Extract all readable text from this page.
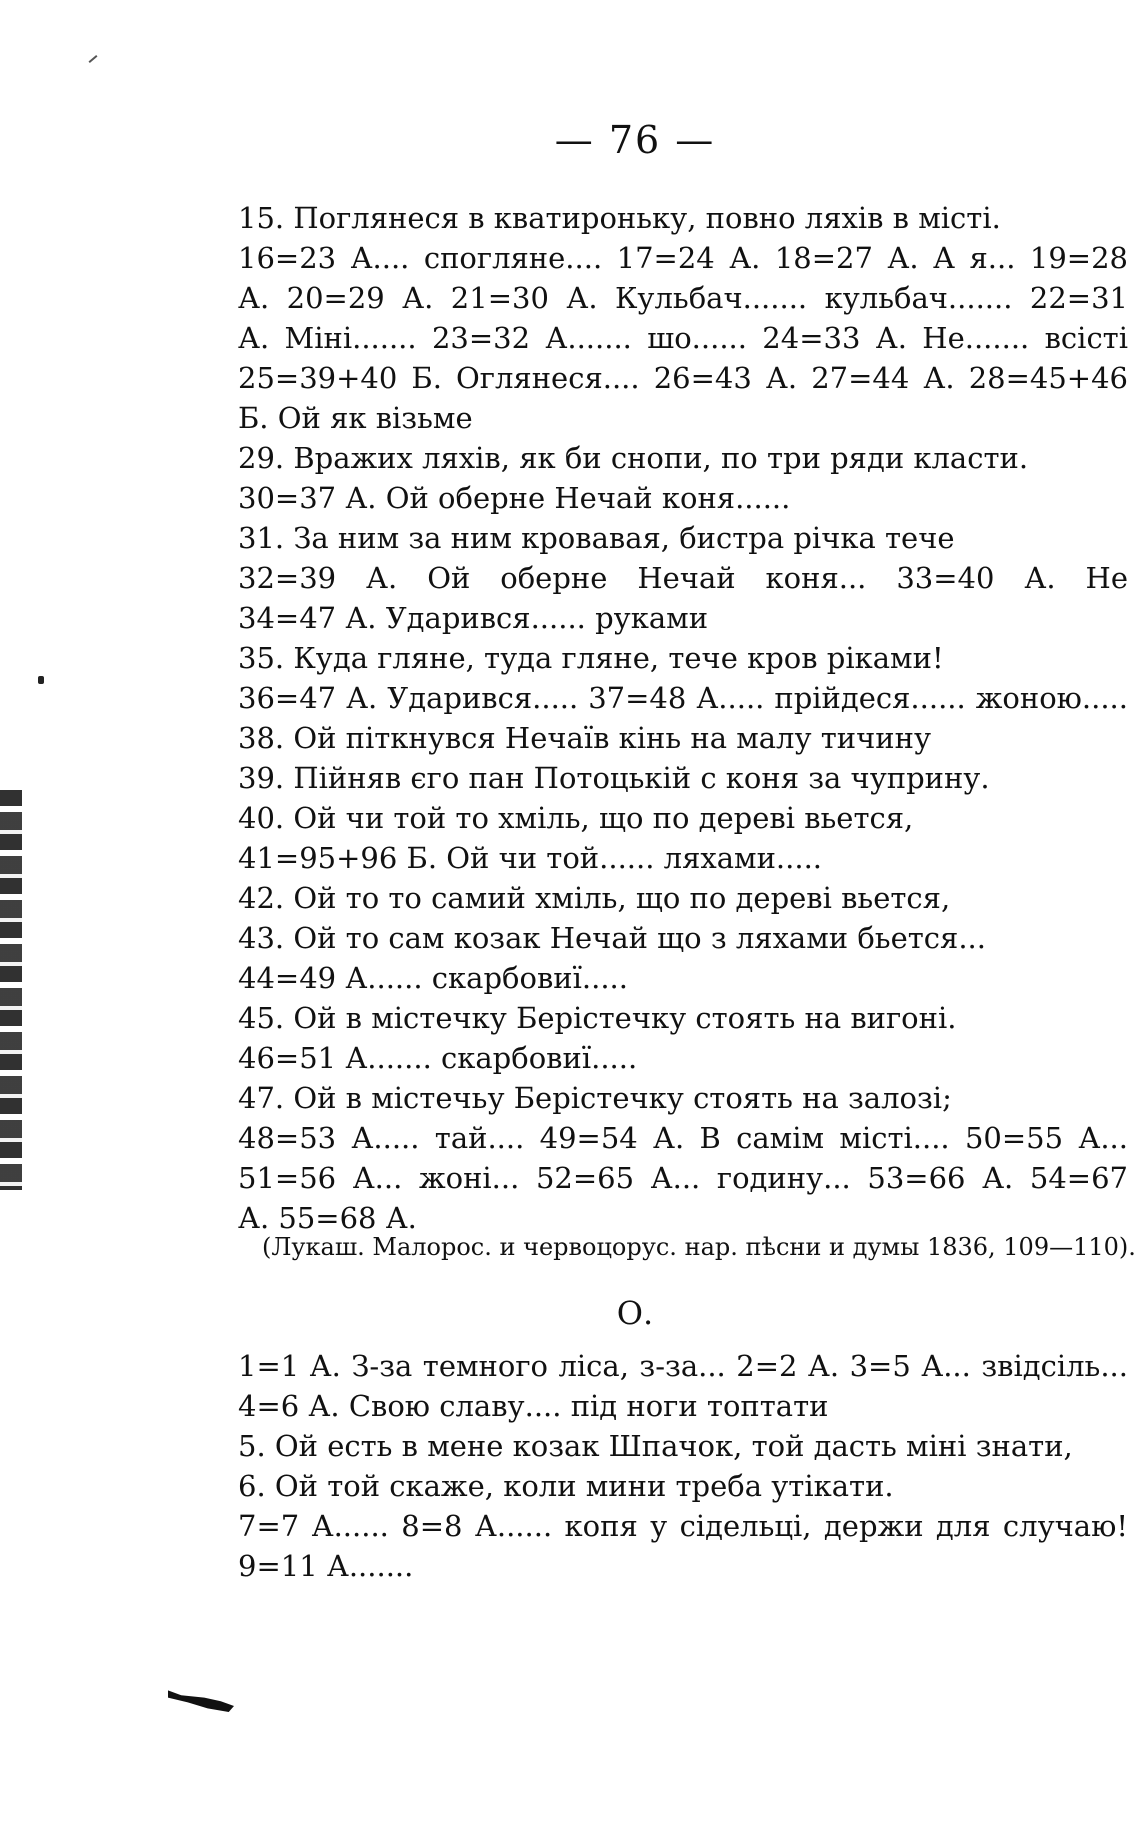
— 76 —
15. Поглянеся в кватироньку, повно ляхів в місті.
16=23 А.... спогляне.... 17=24 А. 18=27 А. А я... 19=28
А. 20=29 А. 21=30 А. Кульбач....... кульбач....... 22=31
А. Міні....... 23=32 А....... шо...... 24=33 А. Не....... всісті
25=39+40 Б. Оглянеся.... 26=43 А. 27=44 А. 28=45+46
Б. Ой як візьме
29. Вражих ляхів, як би снопи, по три ряди класти.
30=37 А. Ой оберне Нечай коня......
31. За ним за ним кровавая, бистра річка тече
32=39 А. Ой оберне Нечай коня... 33=40 А. Не
34=47 А. Ударився...... руками
35. Куда гляне, туда гляне, тече кров ріками!
36=47 А. Ударився..... 37=48 А..... прійдеся...... жоною.....
38. Ой піткнувся Нечаїв кінь на малу тичину
39. Пійняв єго пан Потоцькій с коня за чуприну.
40. Ой чи той то хміль, що по дереві вьется,
41=95+96 Б. Ой чи той...... ляхами.....
42. Ой то то самий хміль, що по дереві вьется,
43. Ой то сам козак Нечай що з ляхами бьется...
44=49 А...... скарбовиї.....
45. Ой в містечку Берістечку стоять на вигоні.
46=51 А....... скарбовиї.....
47. Ой в містечьу Берістечку стоять на залозі;
48=53 А..... тай.... 49=54 А. В самім місті.... 50=55 А...
51=56 А... жоні... 52=65 А... годину... 53=66 А. 54=67
А. 55=68 А.
(Лукаш. Малорос. и червоцорус. нар. пѣсни и думы 1836, 109—110).
О.
1=1 А. З-за темного ліса, з-за... 2=2 А. 3=5 А... звідсіль...
4=6 А. Свою славу.... під ноги топтати
5. Ой есть в мене козак Шпачок, той дасть міні знати,
6. Ой той скаже, коли мини треба утікати.
7=7 А...... 8=8 А...... копя у сідельці, держи для случаю!
9=11 А.......
